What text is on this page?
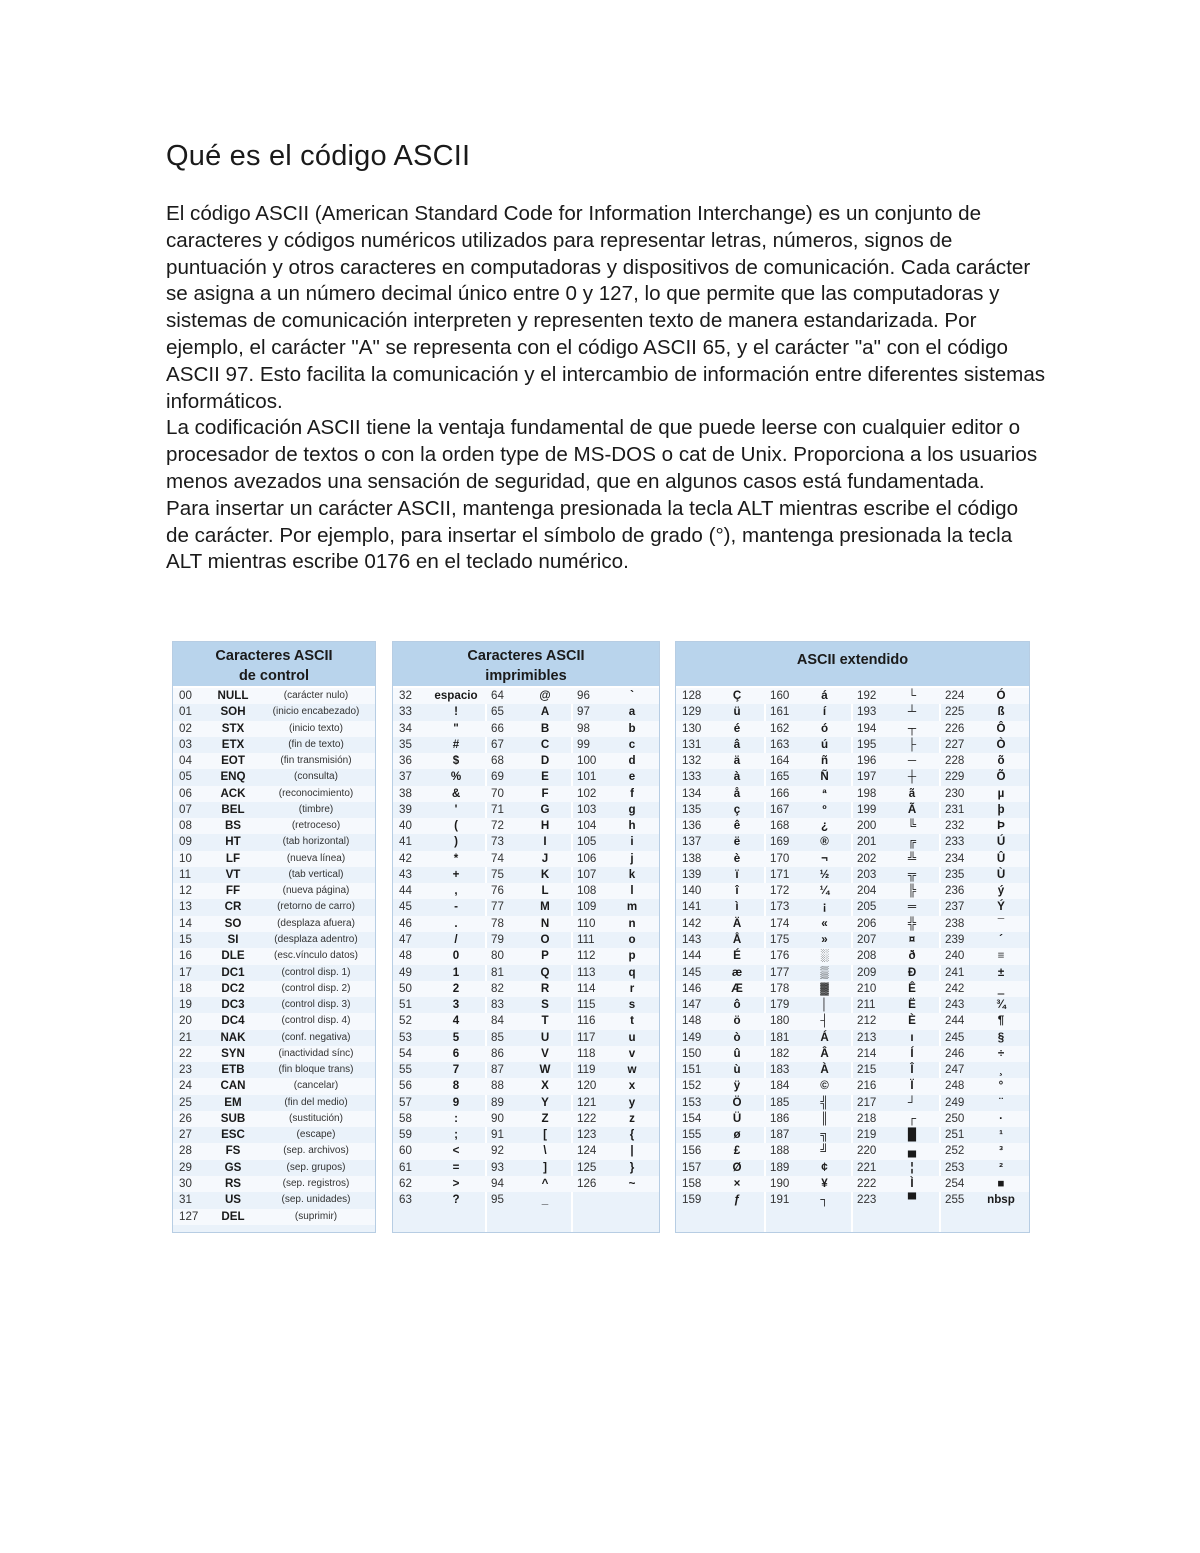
Qué es el código ASCII

El código ASCII (American Standard Code for Information Interchange) es un conjunto de caracteres y códigos numéricos utilizados para representar letras, números, signos de puntuación y otros caracteres en computadoras y dispositivos de comunicación. Cada carácter se asigna a un número decimal único entre 0 y 127, lo que permite que las computadoras y sistemas de comunicación interpreten y representen texto de manera estandarizada. Por ejemplo, el carácter "A" se representa con el código ASCII 65, y el carácter "a" con el código ASCII 97. Esto facilita la comunicación y el intercambio de información entre diferentes sistemas informáticos.

La codificación ASCII tiene la ventaja fundamental de que puede leerse con cualquier editor o procesador de textos o con la orden type de MS-DOS o cat de Unix. Proporciona a los usuarios menos avezados una sensación de seguridad, que en algunos casos está fundamentada.

Para insertar un carácter ASCII, mantenga presionada la tecla ALT mientras escribe el código de carácter. Por ejemplo, para insertar el símbolo de grado (°), mantenga presionada la tecla ALT mientras escribe 0176 en el teclado numérico.

Caracteres ASCII
de control
00	NULL	(carácter nulo)
01	SOH	(inicio encabezado)
02	STX	(inicio texto)
03	ETX	(fin de texto)
04	EOT	(fin transmisión)
05	ENQ	(consulta)
06	ACK	(reconocimiento)
07	BEL	(timbre)
08	BS	(retroceso)
09	HT	(tab horizontal)
10	LF	(nueva línea)
11	VT	(tab vertical)
12	FF	(nueva página)
13	CR	(retorno de carro)
14	SO	(desplaza afuera)
15	SI	(desplaza adentro)
16	DLE	(esc.vínculo datos)
17	DC1	(control disp. 1)
18	DC2	(control disp. 2)
19	DC3	(control disp. 3)
20	DC4	(control disp. 4)
21	NAK	(conf. negativa)
22	SYN	(inactividad sínc)
23	ETB	(fin bloque trans)
24	CAN	(cancelar)
25	EM	(fin del medio)
26	SUB	(sustitución)
27	ESC	(escape)
28	FS	(sep. archivos)
29	GS	(sep. grupos)
30	RS	(sep. registros)
31	US	(sep. unidades)
127	DEL	(suprimir)
Caracteres ASCII
imprimibles
32	espacio
33	!
34	"
35	#
36	$
37	%
38	&
39	'
40	(
41	)
42	*
43	+
44	,
45	-
46	.
47	/
48	0
49	1
50	2
51	3
52	4
53	5
54	6
55	7
56	8
57	9
58	:
59	;
60	<
61	=
62	>
63	?
64	@
65	A
66	B
67	C
68	D
69	E
70	F
71	G
72	H
73	I
74	J
75	K
76	L
77	M
78	N
79	O
80	P
81	Q
82	R
83	S
84	T
85	U
86	V
87	W
88	X
89	Y
90	Z
91	[
92	\
93	]
94	^
95	_
96	`
97	a
98	b
99	c
100	d
101	e
102	f
103	g
104	h
105	i
106	j
107	k
108	l
109	m
110	n
111	o
112	p
113	q
114	r
115	s
116	t
117	u
118	v
119	w
120	x
121	y
122	z
123	{
124	|
125	}
126	~
ASCII extendido
128	Ç
129	ü
130	é
131	â
132	ä
133	à
134	å
135	ç
136	ê
137	ë
138	è
139	ï
140	î
141	ì
142	Ä
143	Å
144	É
145	æ
146	Æ
147	ô
148	ö
149	ò
150	û
151	ù
152	ÿ
153	Ö
154	Ü
155	ø
156	£
157	Ø
158	×
159	ƒ
160	á
161	í
162	ó
163	ú
164	ñ
165	Ñ
166	ª
167	º
168	¿
169	®
170	¬
171	½
172	¼
173	¡
174	«
175	»
176	░
177	▒
178	▓
179	│
180	┤
181	Á
182	Â
183	À
184	©
185	╣
186	║
187	╗
188	╝
189	¢
190	¥
191	┐
192	└
193	┴
194	┬
195	├
196	─
197	┼
198	ã
199	Ã
200	╚
201	╔
202	╩
203	╦
204	╠
205	═
206	╬
207	¤
208	ð
209	Ð
210	Ê
211	Ë
212	È
213	ı
214	Í
215	Î
216	Ï
217	┘
218	┌
219	█
220	▄
221	¦
222	Ì
223	▀
224	Ó
225	ß
226	Ô
227	Ò
228	õ
229	Õ
230	µ
231	þ
232	Þ
233	Ú
234	Û
235	Ù
236	ý
237	Ý
238	¯
239	´
240	≡
241	±
242	‗
243	¾
244	¶
245	§
246	÷
247	¸
248	°
249	¨
250	·
251	¹
252	³
253	²
254	■
255	nbsp
